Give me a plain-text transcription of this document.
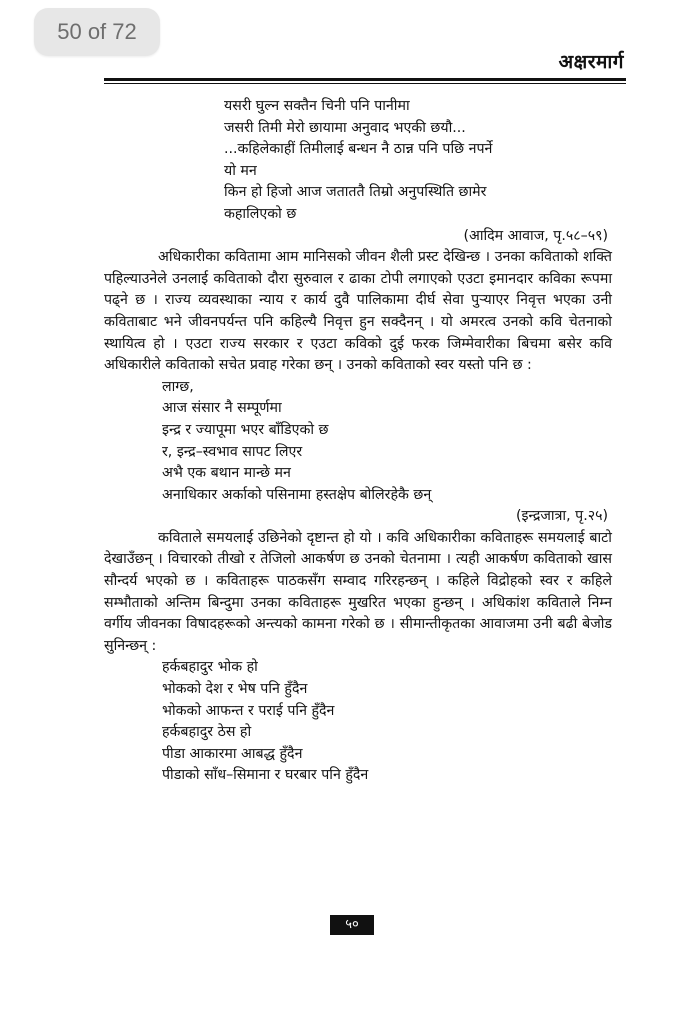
50 of 72
अक्षरमार्ग
यसरी घुल्न सक्तैन चिनी पनि पानीमा
जसरी तिमी मेरो छायामा अनुवाद भएकी छयौ...
...कहिलेकाहीं तिमीलाई बन्धन नै ठान्न पनि पछि नपर्ने
यो मन
किन हो हिजो आज जताततै तिम्रो अनुपस्थिति छामेर
कहालिएको छ
(आदिम आवाज, पृ.५८–५९)

अधिकारीका कवितामा आम मानिसको जीवन शैली प्रस्ट देखिन्छ । उनका कविताको शक्ति पहिल्याउनेले उनलाई कविताको दौरा सुरुवाल र ढाका टोपी लगाएको एउटा इमानदार कविका रूपमा पढ्ने छ । राज्य व्यवस्थाका न्याय र कार्य दुवै पालिकामा दीर्घ सेवा पुऱ्याएर निवृत्त भएका उनी कविताबाट भने जीवनपर्यन्त पनि कहिल्यै निवृत्त हुन सक्दैनन् । यो अमरत्व उनको कवि चेतनाको स्थायित्व हो । एउटा राज्य सरकार र एउटा कविको दुई फरक जिम्मेवारीका बिचमा बसेर कवि अधिकारीले कविताको सचेत प्रवाह गरेका छन् । उनको कविताको स्वर यस्तो पनि छ :

लाग्छ,
आज संसार नै सम्पूर्णमा
इन्द्र र ज्यापूमा भएर बाँडिएको छ
र, इन्द्र–स्वभाव सापट लिएर
अभै एक बथान मान्छे मन
अनाधिकार अर्काको पसिनामा हस्तक्षेप बोलिरहेकै छन्
(इन्द्रजात्रा, पृ.२५)

कविताले समयलाई उछिनेको दृष्टान्त हो यो । कवि अधिकारीका कविताहरू समयलाई बाटो देखाउँछन् । विचारको तीखो र तेजिलो आकर्षण छ उनको चेतनामा । त्यही आकर्षण कविताको खास सौन्दर्य भएको छ । कविताहरू पाठकसँग सम्वाद गरिरहन्छन् । कहिले विद्रोहको स्वर र कहिले सम्भौताको अन्तिम बिन्दुमा उनका कविताहरू मुखरित भएका हुन्छन् । अधिकांश कविताले निम्न वर्गीय जीवनका विषादहरूको अन्त्यको कामना गरेको छ । सीमान्तीकृतका आवाजमा उनी बढी बेजोड सुनिन्छन् :

हर्कबहादुर भोक हो
भोकको देश र भेष पनि हुँदैन
भोकको आफन्त र पराई पनि हुँदैन
हर्कबहादुर ठेस हो
पीडा आकारमा आबद्ध हुँदैन
पीडाको साँध–सिमाना र घरबार पनि हुँदैन
५०
